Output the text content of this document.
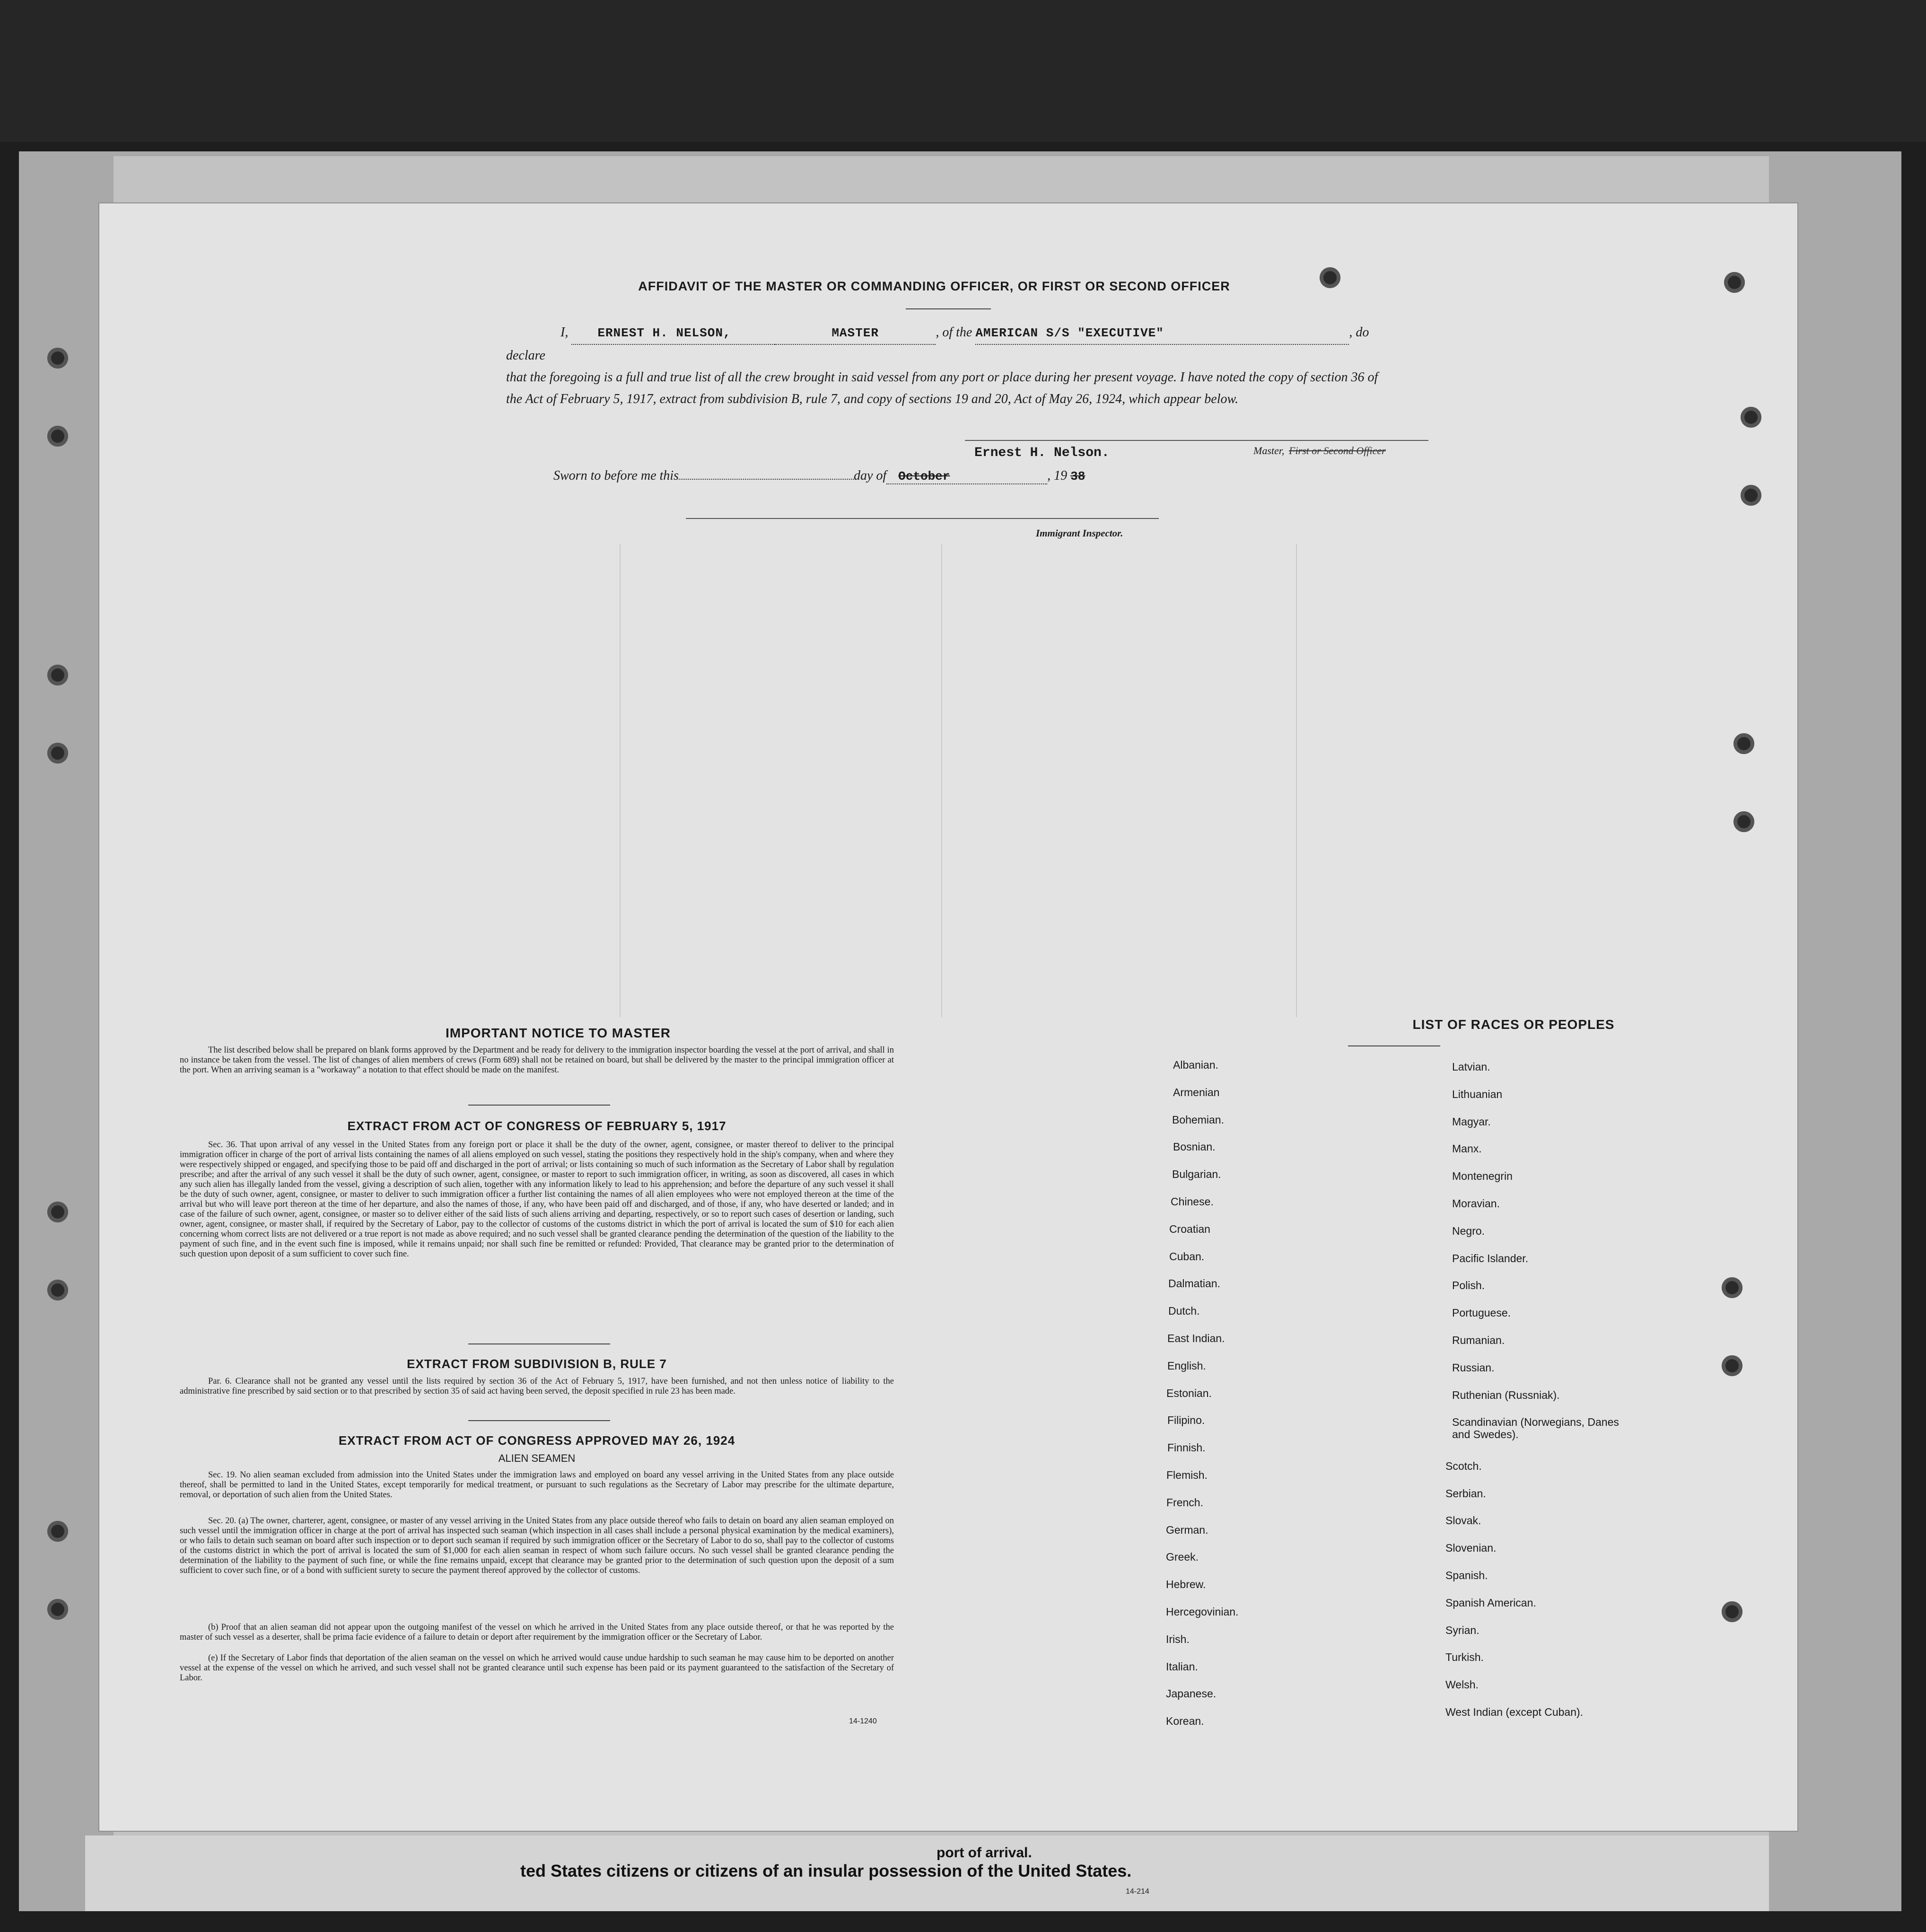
port of arrival.
ted States citizens or citizens of an insular possession of the United States.
14-214
AFFIDAVIT OF THE MASTER OR COMMANDING OFFICER, OR FIRST OR SECOND OFFICER
I, ERNEST H. NELSON,	MASTER	, of the AMERICAN S/S "EXECUTIVE"	, do declare
that the foregoing is a full and true list of all the crew brought in said vessel from any port or place during her present voyage. I have noted the copy of section 36 of the Act of February 5, 1917, extract from subdivision B, rule 7, and copy of sections 19 and 20, Act of May 26, 1924, which appear below.
Ernest H. Nelson.	Master, First or Second Officer
Sworn to before me this	day of October	, 19 38
Immigrant Inspector.
IMPORTANT NOTICE TO MASTER
The list described below shall be prepared on blank forms approved by the Department and be ready for delivery to the immigration inspector boarding the vessel at the port of arrival, and shall in no instance be taken from the vessel. The list of changes of alien members of crews (Form 689) shall not be retained on board, but shall be delivered by the master to the principal immigration officer at the port. When an arriving seaman is a "workaway" a notation to that effect should be made on the manifest.
EXTRACT FROM ACT OF CONGRESS OF FEBRUARY 5, 1917
Sec. 36. That upon arrival of any vessel in the United States from any foreign port or place it shall be the duty of the owner, agent, consignee, or master thereof to deliver to the principal immigration officer in charge of the port of arrival lists containing the names of all aliens employed on such vessel, stating the positions they respectively hold in the ship's company, when and where they were respectively shipped or engaged, and specifying those to be paid off and discharged in the port of arrival; or lists containing so much of such information as the Secretary of Labor shall by regulation prescribe; and after the arrival of any such vessel it shall be the duty of such owner, agent, consignee, or master to report to such immigration officer, in writing, as soon as discovered, all cases in which any such alien has illegally landed from the vessel, giving a description of such alien, together with any information likely to lead to his apprehension; and before the departure of any such vessel it shall be the duty of such owner, agent, consignee, or master to deliver to such immigration officer a further list containing the names of all alien employees who were not employed thereon at the time of the arrival but who will leave port thereon at the time of her departure, and also the names of those, if any, who have been paid off and discharged, and of those, if any, who have deserted or landed; and in case of the failure of such owner, agent, consignee, or master so to deliver either of the said lists of such aliens arriving and departing, respectively, or so to report such cases of desertion or landing, such owner, agent, consignee, or master shall, if required by the Secretary of Labor, pay to the collector of customs of the customs district in which the port of arrival is located the sum of $10 for each alien concerning whom correct lists are not delivered or a true report is not made as above required; and no such vessel shall be granted clearance pending the determination of the question of the liability to the payment of such fine, and in the event such fine is imposed, while it remains unpaid; nor shall such fine be remitted or refunded: Provided, That clearance may be granted prior to the determination of such question upon deposit of a sum sufficient to cover such fine.
EXTRACT FROM SUBDIVISION B, RULE 7
Par. 6. Clearance shall not be granted any vessel until the lists required by section 36 of the Act of February 5, 1917, have been furnished, and not then unless notice of liability to the administrative fine prescribed by said section or to that prescribed by section 35 of said act having been served, the deposit specified in rule 23 has been made.
EXTRACT FROM ACT OF CONGRESS APPROVED MAY 26, 1924
ALIEN SEAMEN
Sec. 19. No alien seaman excluded from admission into the United States under the immigration laws and employed on board any vessel arriving in the United States from any place outside thereof, shall be permitted to land in the United States, except temporarily for medical treatment, or pursuant to such regulations as the Secretary of Labor may prescribe for the ultimate departure, removal, or deportation of such alien from the United States.
Sec. 20. (a) The owner, charterer, agent, consignee, or master of any vessel arriving in the United States from any place outside thereof who fails to detain on board any alien seaman employed on such vessel until the immigration officer in charge at the port of arrival has inspected such seaman (which inspection in all cases shall include a personal physical examination by the medical examiners), or who fails to detain such seaman on board after such inspection or to deport such seaman if required by such immigration officer or the Secretary of Labor to do so, shall pay to the collector of customs of the customs district in which the port of arrival is located the sum of $1,000 for each alien seaman in respect of whom such failure occurs. No such vessel shall be granted clearance pending the determination of the liability to the payment of such fine, or while the fine remains unpaid, except that clearance may be granted prior to the determination of such question upon the deposit of a sum sufficient to cover such fine, or of a bond with sufficient surety to secure the payment thereof approved by the collector of customs.
(b) Proof that an alien seaman did not appear upon the outgoing manifest of the vessel on which he arrived in the United States from any place outside thereof, or that he was reported by the master of such vessel as a deserter, shall be prima facie evidence of a failure to detain or deport after requirement by the immigration officer or the Secretary of Labor.
(e) If the Secretary of Labor finds that deportation of the alien seaman on the vessel on which he arrived would cause undue hardship to such seaman he may cause him to be deported on another vessel at the expense of the vessel on which he arrived, and such vessel shall not be granted clearance until such expense has been paid or its payment guaranteed to the satisfaction of the Secretary of Labor.
14-1240
LIST OF RACES OR PEOPLES
Albanian.
Armenian
Bohemian.
Bosnian.
Bulgarian.
Chinese.
Croatian
Cuban.
Dalmatian.
Dutch.
East Indian.
English.
Estonian.
Filipino.
Finnish.
Flemish.
French.
German.
Greek.
Hebrew.
Hercegovinian.
Irish.
Italian.
Japanese.
Korean.
Latvian.
Lithuanian
Magyar.
Manx.
Montenegrin
Moravian.
Negro.
Pacific Islander.
Polish.
Portuguese.
Rumanian.
Russian.
Ruthenian (Russniak).
Scandinavian (Norwegians, Danes and Swedes).
Scotch.
Serbian.
Slovak.
Slovenian.
Spanish.
Spanish American.
Syrian.
Turkish.
Welsh.
West Indian (except Cuban).
